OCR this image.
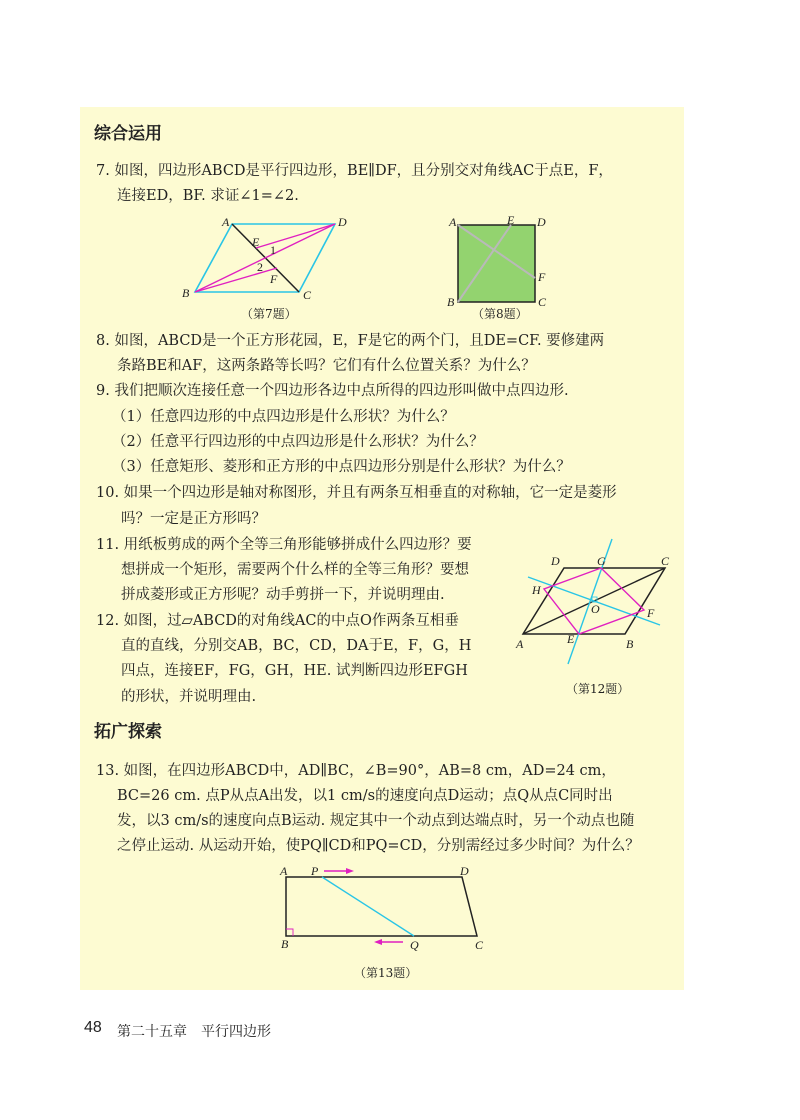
综合运用
7. 如图，四边形ABCD是平行四边形，BE∥DF，且分别交对角线AC于点E，F，
连接ED，BF. 求证∠1=∠2.
A	D
B	C
E
F
1
2
（第7题）
A	E D
F
B	C
（第8题）
8. 如图，ABCD是一个正方形花园，E，F是它的两个门，且DE=CF. 要修建两
条路BE和AF，这两条路等长吗？它们有什么位置关系？为什么？
9. 我们把顺次连接任意一个四边形各边中点所得的四边形叫做中点四边形.
（1）任意四边形的中点四边形是什么形状？为什么？
（2）任意平行四边形的中点四边形是什么形状？为什么？
（3）任意矩形、菱形和正方形的中点四边形分别是什么形状？为什么？
10. 如果一个四边形是轴对称图形，并且有两条互相垂直的对称轴，它一定是菱形
吗？一定是正方形吗？
11. 用纸板剪成的两个全等三角形能够拼成什么四边形？要
想拼成一个矩形，需要两个什么样的全等三角形？要想
拼成菱形或正方形呢？动手剪拼一下，并说明理由.
12. 如图，过▱ABCD的对角线AC的中点O作两条互相垂
直的直线，分别交AB，BC，CD，DA于E，F，G，H
四点，连接EF，FG，GH，HE. 试判断四边形EFGH
的形状，并说明理由.
D	G	C
H
O	F
A	E	B
（第12题）
拓广探索
13. 如图，在四边形ABCD中，AD∥BC，∠B=90°，AB=8 cm，AD=24 cm，
BC=26 cm. 点P从点A出发，以1 cm/s的速度向点D运动；点Q从点C同时出
发，以3 cm/s的速度向点B运动. 规定其中一个动点到达端点时，另一个动点也随
之停止运动. 从运动开始，使PQ∥CD和PQ=CD，分别需经过多少时间？为什么？
A P	D
B	Q	C
（第13题）
48 第二十五章　平行四边形
